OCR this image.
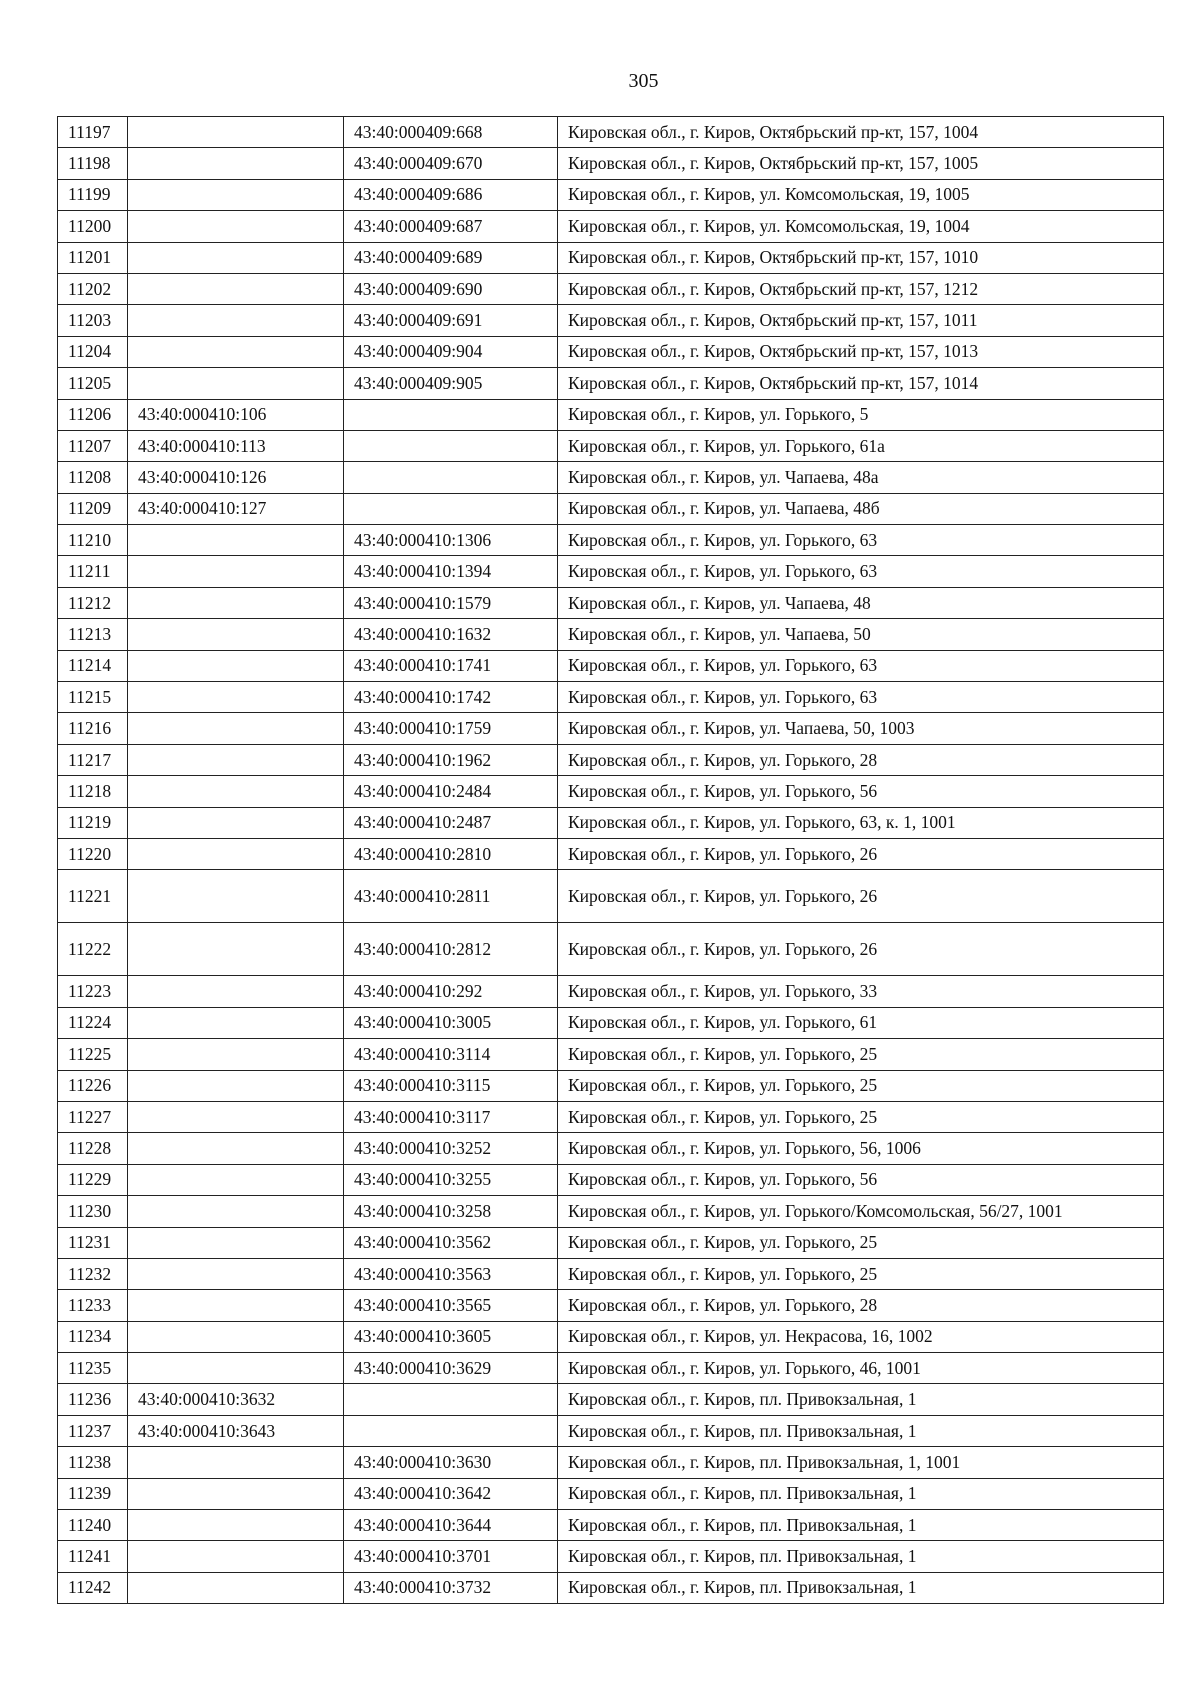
305
11197		43:40:000409:668	Кировская обл., г. Киров, Октябрьский пр-кт, 157, 1004
11198		43:40:000409:670	Кировская обл., г. Киров, Октябрьский пр-кт, 157, 1005
11199		43:40:000409:686	Кировская обл., г. Киров, ул. Комсомольская, 19, 1005
11200		43:40:000409:687	Кировская обл., г. Киров, ул. Комсомольская, 19, 1004
11201		43:40:000409:689	Кировская обл., г. Киров, Октябрьский пр-кт, 157, 1010
11202		43:40:000409:690	Кировская обл., г. Киров, Октябрьский пр-кт, 157, 1212
11203		43:40:000409:691	Кировская обл., г. Киров, Октябрьский пр-кт, 157, 1011
11204		43:40:000409:904	Кировская обл., г. Киров, Октябрьский пр-кт, 157, 1013
11205		43:40:000409:905	Кировская обл., г. Киров, Октябрьский пр-кт, 157, 1014
11206	43:40:000410:106		Кировская обл., г. Киров, ул. Горького, 5
11207	43:40:000410:113		Кировская обл., г. Киров, ул. Горького, 61а
11208	43:40:000410:126		Кировская обл., г. Киров, ул. Чапаева, 48а
11209	43:40:000410:127		Кировская обл., г. Киров, ул. Чапаева, 48б
11210		43:40:000410:1306	Кировская обл., г. Киров, ул. Горького, 63
11211		43:40:000410:1394	Кировская обл., г. Киров, ул. Горького, 63
11212		43:40:000410:1579	Кировская обл., г. Киров, ул. Чапаева, 48
11213		43:40:000410:1632	Кировская обл., г. Киров, ул. Чапаева, 50
11214		43:40:000410:1741	Кировская обл., г. Киров, ул. Горького, 63
11215		43:40:000410:1742	Кировская обл., г. Киров, ул. Горького, 63
11216		43:40:000410:1759	Кировская обл., г. Киров, ул. Чапаева, 50, 1003
11217		43:40:000410:1962	Кировская обл., г. Киров, ул. Горького, 28
11218		43:40:000410:2484	Кировская обл., г. Киров, ул. Горького, 56
11219		43:40:000410:2487	Кировская обл., г. Киров, ул. Горького, 63, к. 1, 1001
11220		43:40:000410:2810	Кировская обл., г. Киров, ул. Горького, 26
11221		43:40:000410:2811	Кировская обл., г. Киров, ул. Горького, 26
11222		43:40:000410:2812	Кировская обл., г. Киров, ул. Горького, 26
11223		43:40:000410:292	Кировская обл., г. Киров, ул. Горького, 33
11224		43:40:000410:3005	Кировская обл., г. Киров, ул. Горького, 61
11225		43:40:000410:3114	Кировская обл., г. Киров, ул. Горького, 25
11226		43:40:000410:3115	Кировская обл., г. Киров, ул. Горького, 25
11227		43:40:000410:3117	Кировская обл., г. Киров, ул. Горького, 25
11228		43:40:000410:3252	Кировская обл., г. Киров, ул. Горького, 56, 1006
11229		43:40:000410:3255	Кировская обл., г. Киров, ул. Горького, 56
11230		43:40:000410:3258	Кировская обл., г. Киров, ул. Горького/Комсомольская, 56/27, 1001
11231		43:40:000410:3562	Кировская обл., г. Киров, ул. Горького, 25
11232		43:40:000410:3563	Кировская обл., г. Киров, ул. Горького, 25
11233		43:40:000410:3565	Кировская обл., г. Киров, ул. Горького, 28
11234		43:40:000410:3605	Кировская обл., г. Киров, ул. Некрасова, 16, 1002
11235		43:40:000410:3629	Кировская обл., г. Киров, ул. Горького, 46, 1001
11236	43:40:000410:3632		Кировская обл., г. Киров, пл. Привокзальная, 1
11237	43:40:000410:3643		Кировская обл., г. Киров, пл. Привокзальная, 1
11238		43:40:000410:3630	Кировская обл., г. Киров, пл. Привокзальная, 1, 1001
11239		43:40:000410:3642	Кировская обл., г. Киров, пл. Привокзальная, 1
11240		43:40:000410:3644	Кировская обл., г. Киров, пл. Привокзальная, 1
11241		43:40:000410:3701	Кировская обл., г. Киров, пл. Привокзальная, 1
11242		43:40:000410:3732	Кировская обл., г. Киров, пл. Привокзальная, 1
